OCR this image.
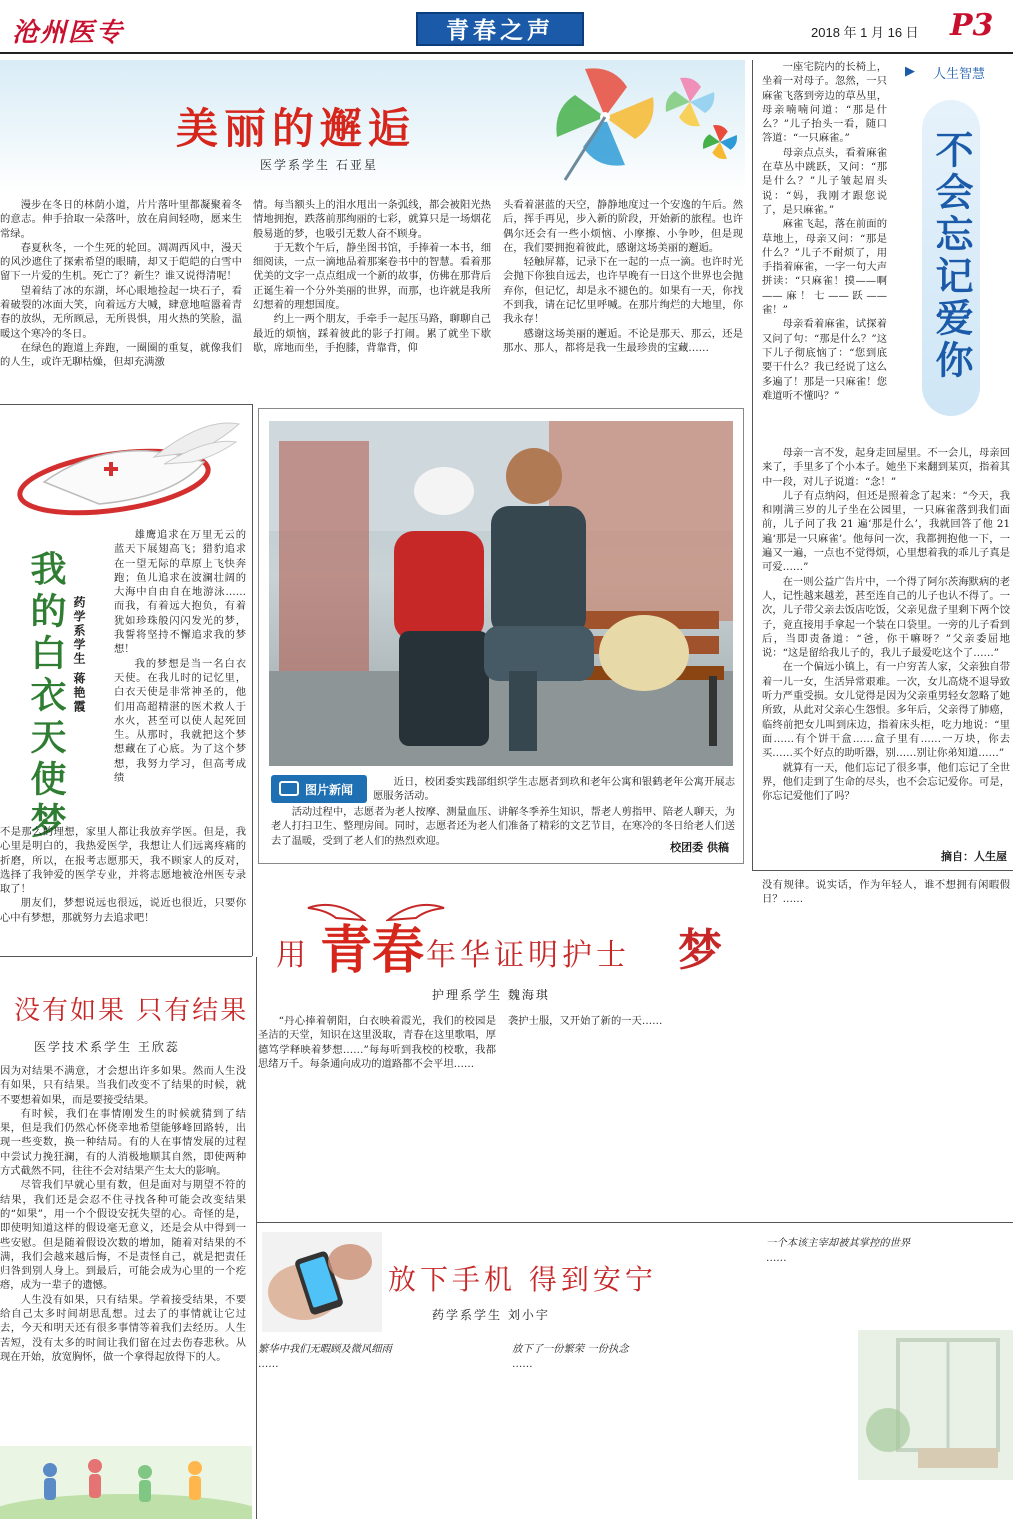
沧州医专	青春之声	2018 年 1 月 16 日 P3
美丽的邂逅
医学系学生 石亚星

漫步在冬日的林荫小道，片片落叶里都凝聚着冬的意志。伸手拾取一朵落叶，放在肩间轻吻，愿来生常绿。

春夏秋冬，一个生死的轮回。凋凋西风中，漫天的风沙遮住了探索希望的眼睛，却又于皑皑的白雪中留下一片爱的生机。死亡了？新生？谁又说得清呢！

望着结了冰的东湖，坏心眼地捡起一块石子，看着破裂的冰面大笑，向着远方大喊，肆意地喧嚣着青春的放纵，无所顾忌，无所畏惧，用火热的笑脸，温暖这个寒冷的冬日。

在绿色的跑道上奔跑，一圈圈的重复，就像我们的人生，或许无聊枯燥，但却充满激

情。每当额头上的泪水甩出一条弧线，都会被阳光热情地拥抱，跌落前那绚丽的七彩，就算只是一场烟花般易逝的梦，也吸引无数人奋不顾身。

于无数个午后，静坐图书馆，手捧着一本书，细细阅读，一点一滴地品着那案卷书中的智慧。看着那优美的文字一点点组成一个新的故事，仿佛在那背后正诞生着一个分外美丽的世界，而那，也许就是我所幻想着的理想国度。

约上一两个朋友，手牵手一起压马路，聊聊自己最近的烦恼，踩着彼此的影子打闹。累了就坐下歇歇，席地而坐，手抱膝，背靠背，仰

头看着湛蓝的天空，静静地度过一个安逸的午后。然后，挥手再见，步入新的阶段，开始新的旅程。也许偶尔还会有一些小烦恼、小摩擦、小争吵，但是现在，我们要拥抱着彼此，感谢这场美丽的邂逅。

轻触屏幕，记录下在一起的一点一滴。也许时光会抛下你独自远去，也许早晚有一日这个世界也会抛弃你，但记忆，却是永不褪色的。如果有一天，你找不到我，请在记忆里呼喊。在那片绚烂的大地里，你我永存！

感谢这场美丽的邂逅。不论是那天、那云，还是那水、那人，都将是我一生最珍贵的宝藏……

我的白衣天使梦 药学系学生 蒋艳霞

雄鹰追求在万里无云的蓝天下展翅高飞；猎豹追求在一望无际的草原上飞快奔跑；鱼儿追求在波澜壮阔的大海中自由自在地游泳……而我，有着远大抱负，有着犹如珍珠般闪闪发光的梦，我誓将坚持不懈追求我的梦想！

我的梦想是当一名白衣天使。在我儿时的记忆里，白衣天使是非常神圣的，他们用高超精湛的医术救人于水火，甚至可以使人起死回生。从那时，我就把这个梦想藏在了心底。为了这个梦想，我努力学习，但高考成绩

不是那么的理想，家里人都让我放弃学医。但是，我心里是明白的，我热爱医学，我想让人们远离疼痛的折磨，所以，在报考志愿那天，我不顾家人的反对，选择了我钟爱的医学专业，并将志愿地被沧州医专录取了！

朋友们，梦想说远也很远，说近也很近，只要你心中有梦想，那就努力去追求吧！

图片新闻

近日，校团委实践部组织学生志愿者到玖和老年公寓和银鹤老年公寓开展志愿服务活动。

活动过程中，志愿者为老人按摩、测量血压、讲解冬季养生知识，帮老人剪指甲、陪老人聊天，为老人打扫卫生、整理房间。同时，志愿者还为老人们准备了精彩的文艺节目，在寒冷的冬日给老人们送去了温暖，受到了老人们的热烈欢迎。

校团委 供稿
▶ 人生智慧
不会忘记爱你

一座宅院内的长椅上，坐着一对母子。忽然，一只麻雀飞落到旁边的草丛里，母亲喃喃问道：“那是什么？”儿子抬头一看，随口答道：“一只麻雀。”

母亲点点头，看着麻雀在草丛中跳跃，又问：“那是什么？”儿子皱起眉头说：“妈，我刚才跟您说了，是只麻雀。”

麻雀飞起，落在前面的草地上，母亲又问：“那是什么？”儿子不耐烦了，用手指着麻雀，一字一句大声拼读：“只麻雀！摸——啊——麻！七——跃——雀！”

母亲看着麻雀，试探着又问了句：“那是什么？”这下儿子彻底恼了：“您到底要干什么？我已经说了这么多遍了！那是一只麻雀！您难道听不懂吗？”

母亲一言不发，起身走回屋里。不一会儿，母亲回来了，手里多了个小本子。她坐下来翻到某页，指着其中一段，对儿子说道：“念！”

儿子有点纳闷，但还是照着念了起来：“今天，我和刚满三岁的儿子坐在公园里，一只麻雀落到我们面前，儿子问了我 21 遍‘那是什么’，我就回答了他 21 遍‘那是一只麻雀’。他每问一次，我都拥抱他一下，一遍又一遍，一点也不觉得烦，心里想着我的乖儿子真是可爱……”

在一则公益广告片中，一个得了阿尔茨海默病的老人，记性越来越差，甚至连自己的儿子也认不得了。一次，儿子带父亲去饭店吃饭，父亲见盘子里剩下两个饺子，竟直接用手拿起一个装在口袋里。一旁的儿子看到后，当即责备道：“爸，你干嘛呀？”父亲委屈地说：“这是留给我儿子的，我儿子最爱吃这个了……”

在一个偏远小镇上，有一户穷苦人家，父亲独自带着一儿一女，生活异常艰难。一次，女儿高烧不退导致听力严重受损。女儿觉得是因为父亲重男轻女忽略了她所致，从此对父亲心生怨恨。多年后，父亲得了肺癌，临终前把女儿叫到床边，指着床头柜，吃力地说：“里面……有个饼干盒……盒子里有……一万块，你去买……买个好点的助听器，别……别让你弟知道……”

就算有一天，他们忘记了很多事，他们忘记了全世界，他们走到了生命的尽头，也不会忘记爱你。可是，你忘记爱他们了吗？

摘自：人生屋
用 青春 年华证明护士 梦
护理系学生 魏海琪

“丹心捧着朝阳，白衣映着霞光，我们的校园是圣洁的天堂，知识在这里汲取，青春在这里歌唱，厚德笃学释映着梦想……”每每听到我校的校歌，我都思绪万千。每条通向成功的道路都不会平坦……

袭护士服，又开始了新的一天……

没有规律。说实话，作为年轻人，谁不想拥有闲暇假日？……

没有如果 只有结果
医学技术系学生 王欣蕊

因为对结果不满意，才会想出许多如果。然而人生没有如果，只有结果。当我们改变不了结果的时候，就不要想着如果，而是要接受结果。

有时候，我们在事情刚发生的时候就猜到了结果，但是我们仍然心怀侥幸地希望能够峰回路转，出现一些变数，换一种结局。有的人在事情发展的过程中尝试力挽狂澜，有的人消极地顺其自然，即使两种方式截然不同，往往不会对结果产生太大的影响。

尽管我们早就心里有数，但是面对与期望不符的结果，我们还是会忍不住寻找各种可能会改变结果的“如果”，用一个个假设安抚失望的心。奇怪的是，即使明知道这样的假设毫无意义，还是会从中得到一些安慰。但是随着假设次数的增加，随着对结果的不满，我们会越来越后悔，不是责怪自己，就是把责任归咎到别人身上。到最后，可能会成为心里的一个疙瘩，成为一辈子的遗憾。

人生没有如果，只有结果。学着接受结果，不要给自己太多时间胡思乱想。过去了的事情就让它过去，今天和明天还有很多事情等着我们去经历。人生苦短，没有太多的时间让我们留在过去伤春悲秋。从现在开始，放宽胸怀，做一个拿得起放得下的人。

放下手机 得到安宁
药学系学生 刘小宇
繁华中我们无暇顾及微风细雨
……
放下了一份繁荣 一份执念
……
一个本该主宰却被其掌控的世界
……
